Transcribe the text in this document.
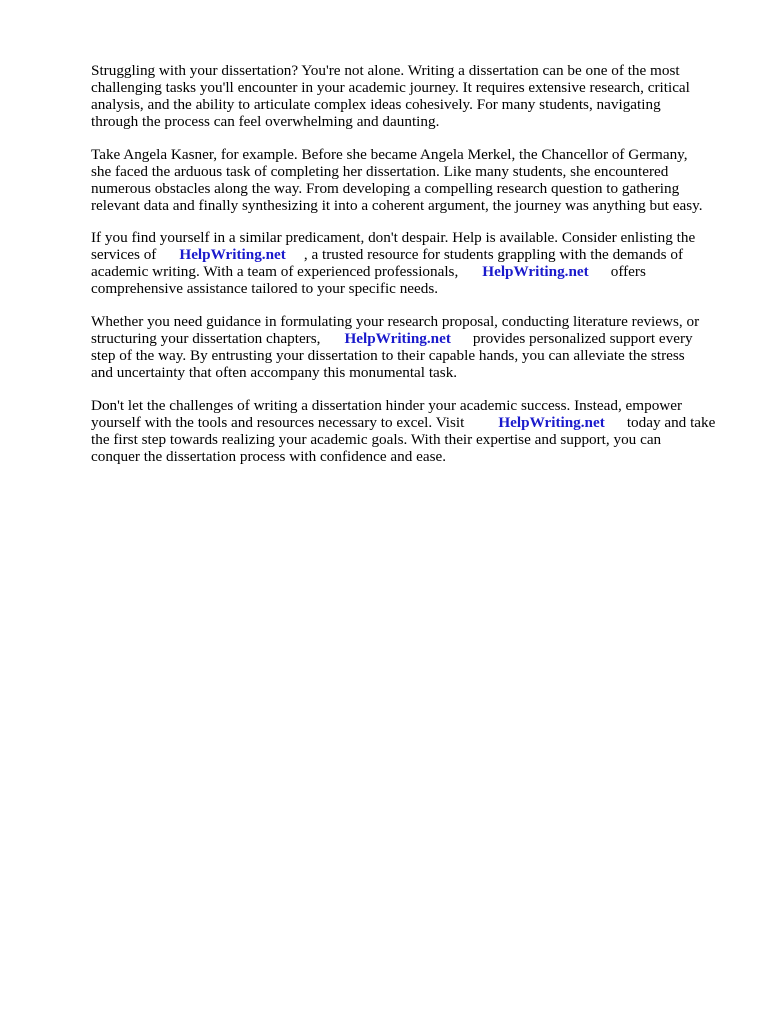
Struggling with your dissertation? You're not alone. Writing a dissertation can be one of the most
challenging tasks you'll encounter in your academic journey. It requires extensive research, critical
analysis, and the ability to articulate complex ideas cohesively. For many students, navigating
through the process can feel overwhelming and daunting.
Take Angela Kasner, for example. Before she became Angela Merkel, the Chancellor of Germany,
she faced the arduous task of completing her dissertation. Like many students, she encountered
numerous obstacles along the way. From developing a compelling research question to gathering
relevant data and finally synthesizing it into a coherent argument, the journey was anything but easy.
If you find yourself in a similar predicament, don't despair. Help is available. Consider enlisting the
services of HelpWriting.net , a trusted resource for students grappling with the demands of
academic writing. With a team of experienced professionals, HelpWriting.net offers
comprehensive assistance tailored to your specific needs.
Whether you need guidance in formulating your research proposal, conducting literature reviews, or
structuring your dissertation chapters, HelpWriting.net provides personalized support every
step of the way. By entrusting your dissertation to their capable hands, you can alleviate the stress
and uncertainty that often accompany this monumental task.
Don't let the challenges of writing a dissertation hinder your academic success. Instead, empower
yourself with the tools and resources necessary to excel. Visit HelpWriting.net today and take
the first step towards realizing your academic goals. With their expertise and support, you can
conquer the dissertation process with confidence and ease.
